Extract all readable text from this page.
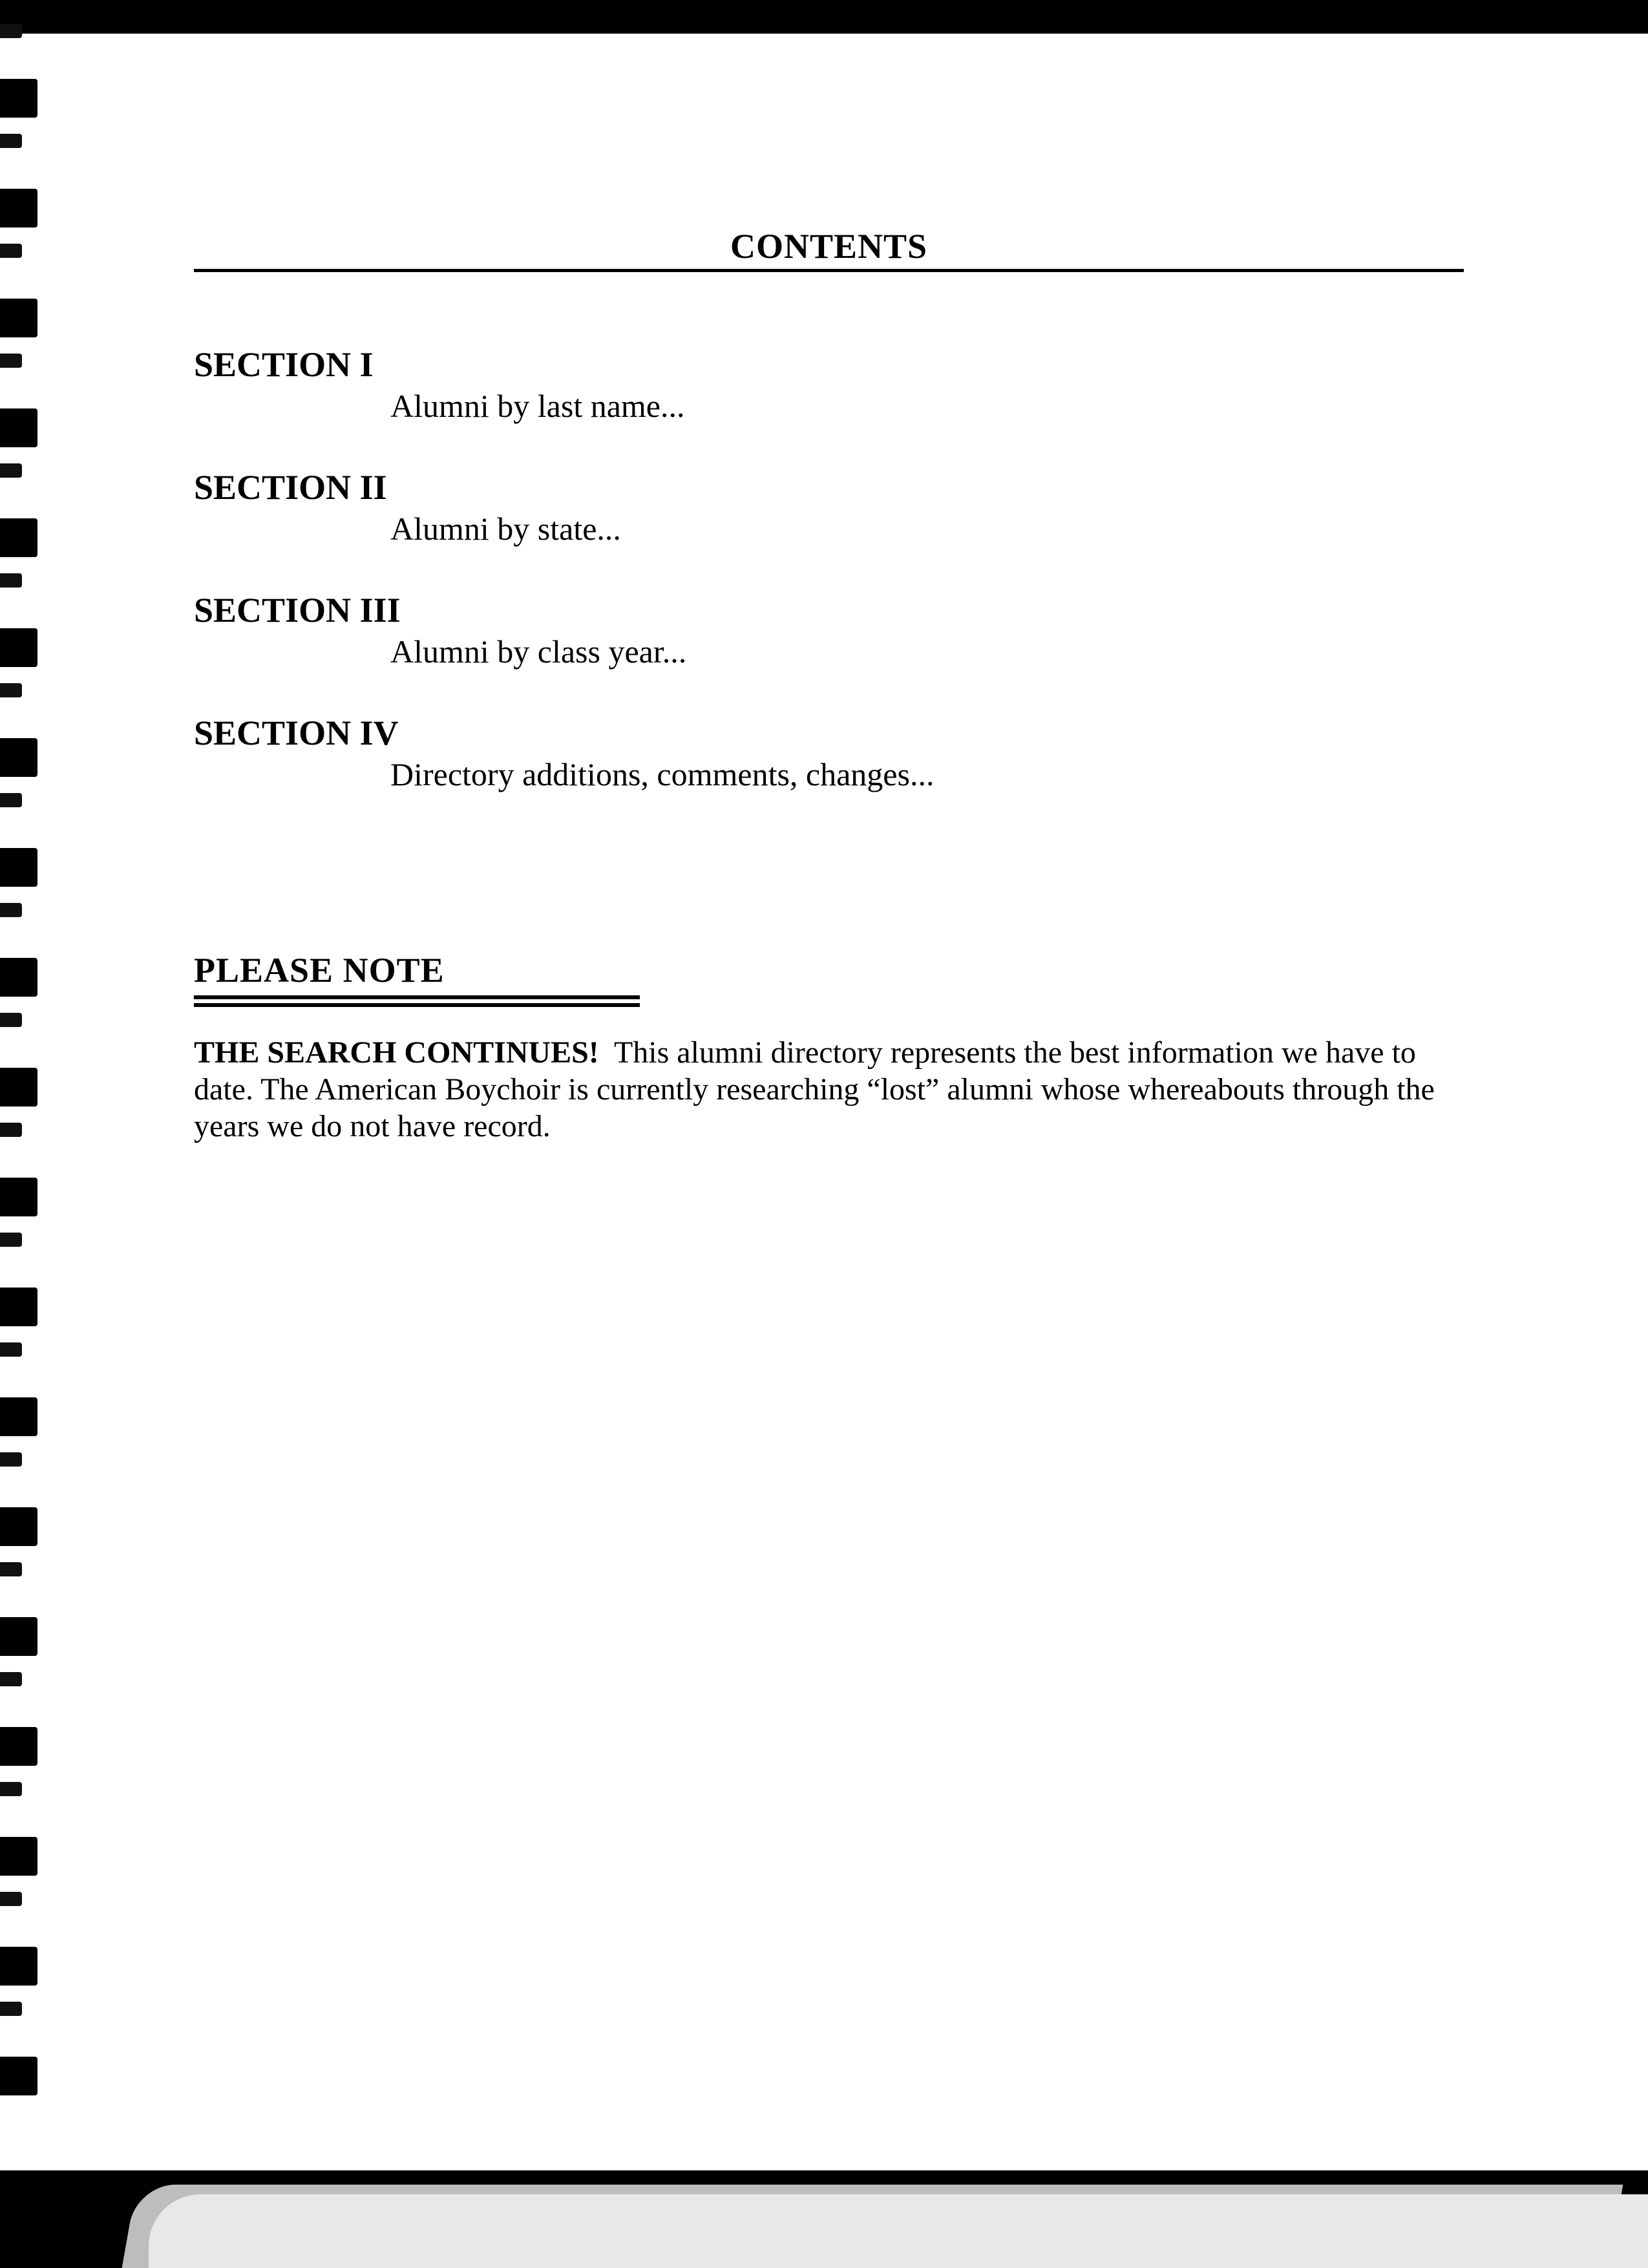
CONTENTS

SECTION I

Alumni by last name...

SECTION II

Alumni by state...

SECTION III

Alumni by class year...

SECTION IV

Directory additions, comments, changes...

PLEASE NOTE
THE SEARCH CONTINUES! This alumni directory represents the best information we have to date. The American Boychoir is currently researching “lost” alumni whose whereabouts through the years we do not have record.
